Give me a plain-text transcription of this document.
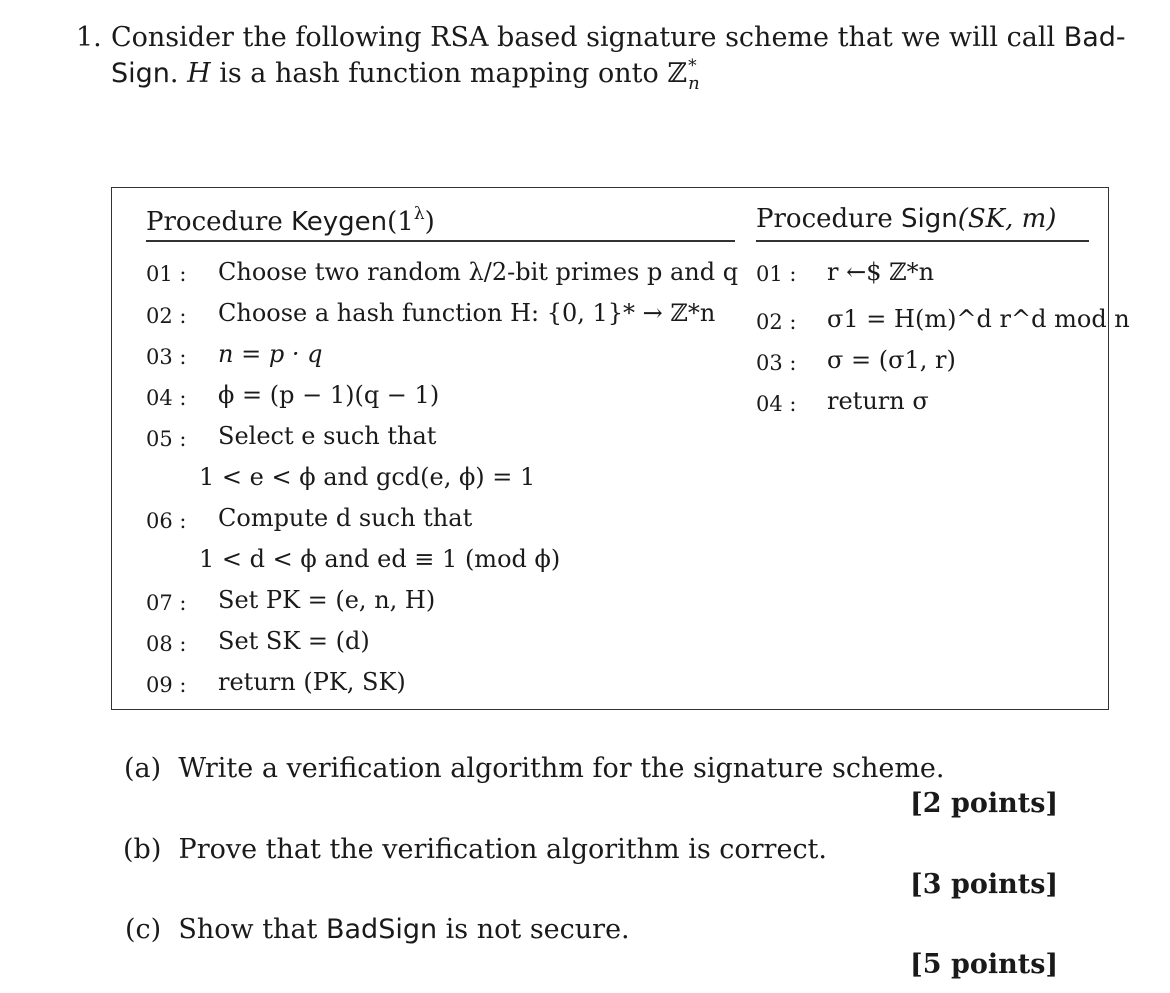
1. Consider the following RSA based signature scheme that we will call Bad-
Sign. H is a hash function mapping onto ℤ *
n
Procedure $Keygen(1^\lambda)$	Procedure Sign(SK, m)
01 : Choose two random λ/2-bit primes p and q
02 : Choose a hash function H: {0, 1}* → ℤ*n
03 : n = p · q
04 : ϕ = (p − 1)(q − 1)
05 : Select e such that
1 < e < ϕ and gcd(e, ϕ) = 1
06 : Compute d such that
1 < d < ϕ and ed ≡ 1 (mod ϕ)
07 : Set PK = (e, n, H)
08 : Set SK = (d)
09 : return (PK, SK)
01 : r ←$ ℤ*n
02 : σ1 = H(m)^d r^d mod n
03 : σ = (σ1, r)
04 : return σ
(a) Write a verification algorithm for the signature scheme.
[2 points]
(b) Prove that the verification algorithm is correct.
[3 points]
(c) Show that BadSign is not secure.
[5 points]
